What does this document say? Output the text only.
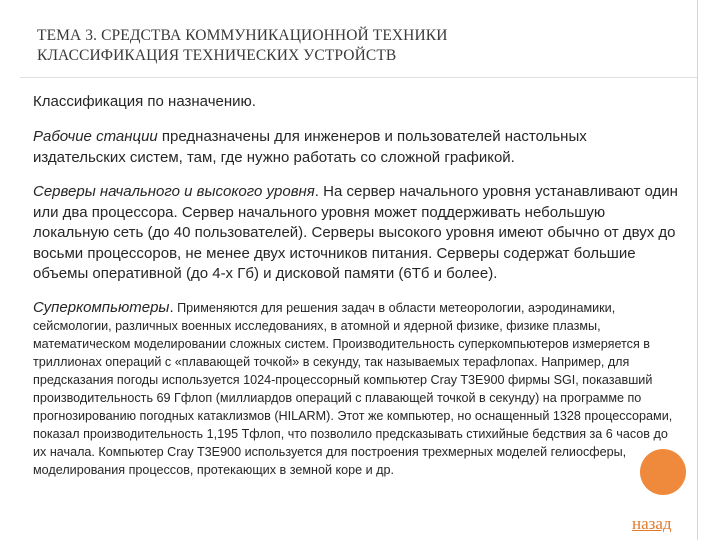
ТЕМА 3. СРЕДСТВА КОММУНИКАЦИОННОЙ ТЕХНИКИ
КЛАССИФИКАЦИЯ ТЕХНИЧЕСКИХ УСТРОЙСТВ

Классификация по назначению.

Рабочие станции предназначены для инженеров и пользователей настольных издательских систем, там, где нужно работать со сложной графикой.

Серверы начального и высокого уровня. На сервер начального уровня устанавливают один или два процессора. Сервер начального уровня может поддерживать небольшую локальную сеть (до 40 пользователей). Серверы высокого уровня имеют обычно от двух до восьми процессоров, не менее двух источников питания. Серверы содержат большие объемы оперативной (до 4-х Гб) и дисковой памяти (6Тб и более).

Суперкомпьютеры. Применяются для решения задач в области метеорологии, аэродинамики, сейсмологии, различных военных исследованиях, в атомной и ядерной физике, физике плазмы, математическом моделировании сложных систем. Производительность суперкомпьютеров измеряется в триллионах операций с «плавающей точкой» в секунду, так называемых терафлопах. Например, для предсказания погоды используется 1024-процессорный компьютер Cray T3E900 фирмы SGI, показавший производительность 69 Гфлоп (миллиардов операций с плавающей точкой в секунду) на программе по прогнозированию погодных катаклизмов (HILARM). Этот же компьютер, но оснащенный 1328 процессорами, показал производительность 1,195 Тфлоп, что позволило предсказывать стихийные бедствия за 6 часов до их начала. Компьютер Cray T3E900 используется для построения трехмерных моделей гелиосферы, моделирования процессов, протекающих в земной коре и др.

назад
